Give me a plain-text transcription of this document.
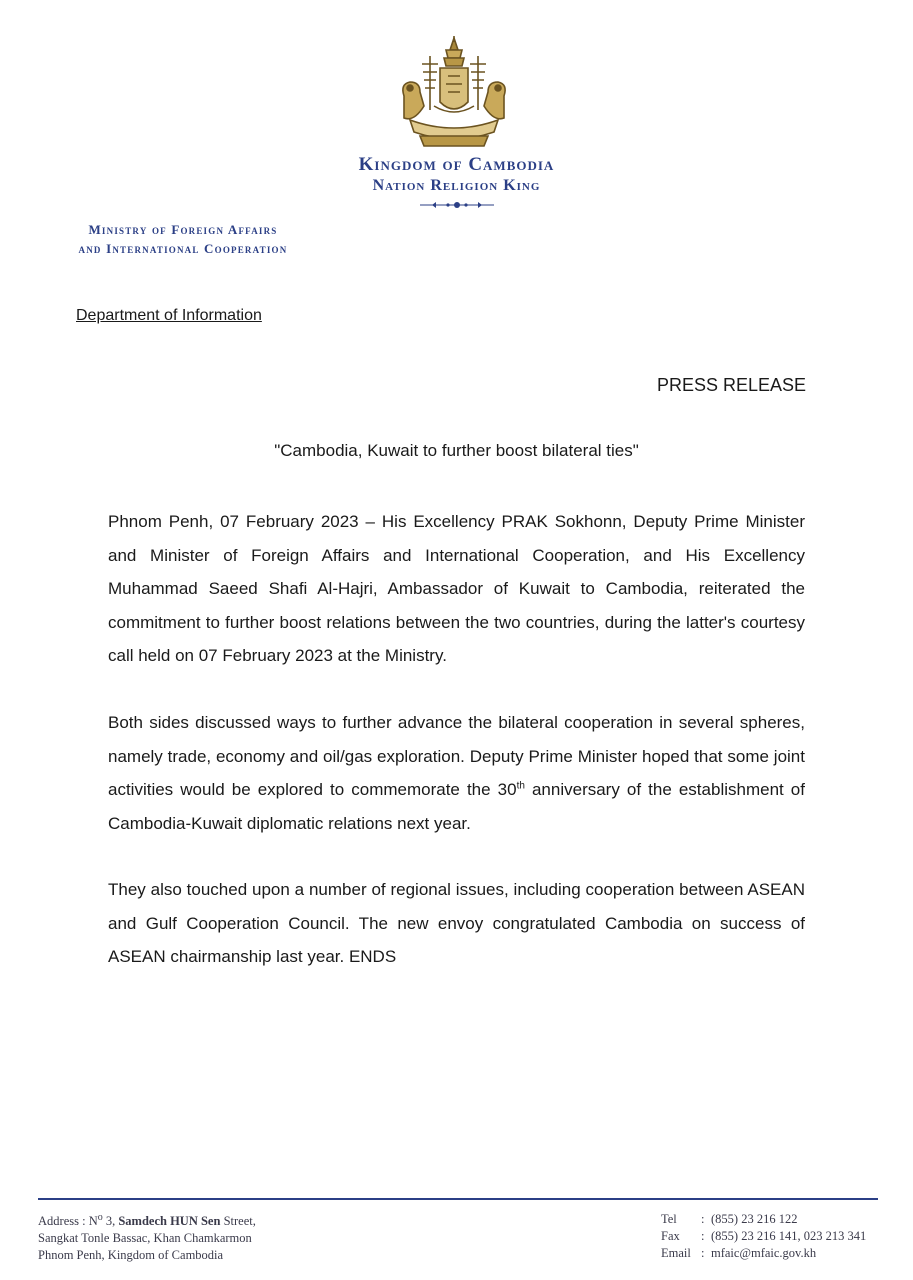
Kingdom of Cambodia
Nation Religion King
Ministry of Foreign Affairs
and International Cooperation
Department of Information
PRESS RELEASE
"Cambodia, Kuwait to further boost bilateral ties"

Phnom Penh, 07 February 2023 – His Excellency PRAK Sokhonn, Deputy Prime Minister and Minister of Foreign Affairs and International Cooperation, and His Excellency Muhammad Saeed Shafi Al-Hajri, Ambassador of Kuwait to Cambodia, reiterated the commitment to further boost relations between the two countries, during the latter's courtesy call held on 07 February 2023 at the Ministry.

Both sides discussed ways to further advance the bilateral cooperation in several spheres, namely trade, economy and oil/gas exploration. Deputy Prime Minister hoped that some joint activities would be explored to commemorate the 30th anniversary of the establishment of Cambodia-Kuwait diplomatic relations next year.

They also touched upon a number of regional issues, including cooperation between ASEAN and Gulf Cooperation Council. The new envoy congratulated Cambodia on success of ASEAN chairmanship last year. ENDS

Address : $N^o$ 3, Samdech HUN Sen Street,
Sangkat Tonle Bassac, Khan Chamkarmon
Phnom Penh, Kingdom of Cambodia
Tel	: (855) 23 216 122
Fax	: (855) 23 216 141, 023 213 341
Email : mfaic@mfaic.gov.kh
